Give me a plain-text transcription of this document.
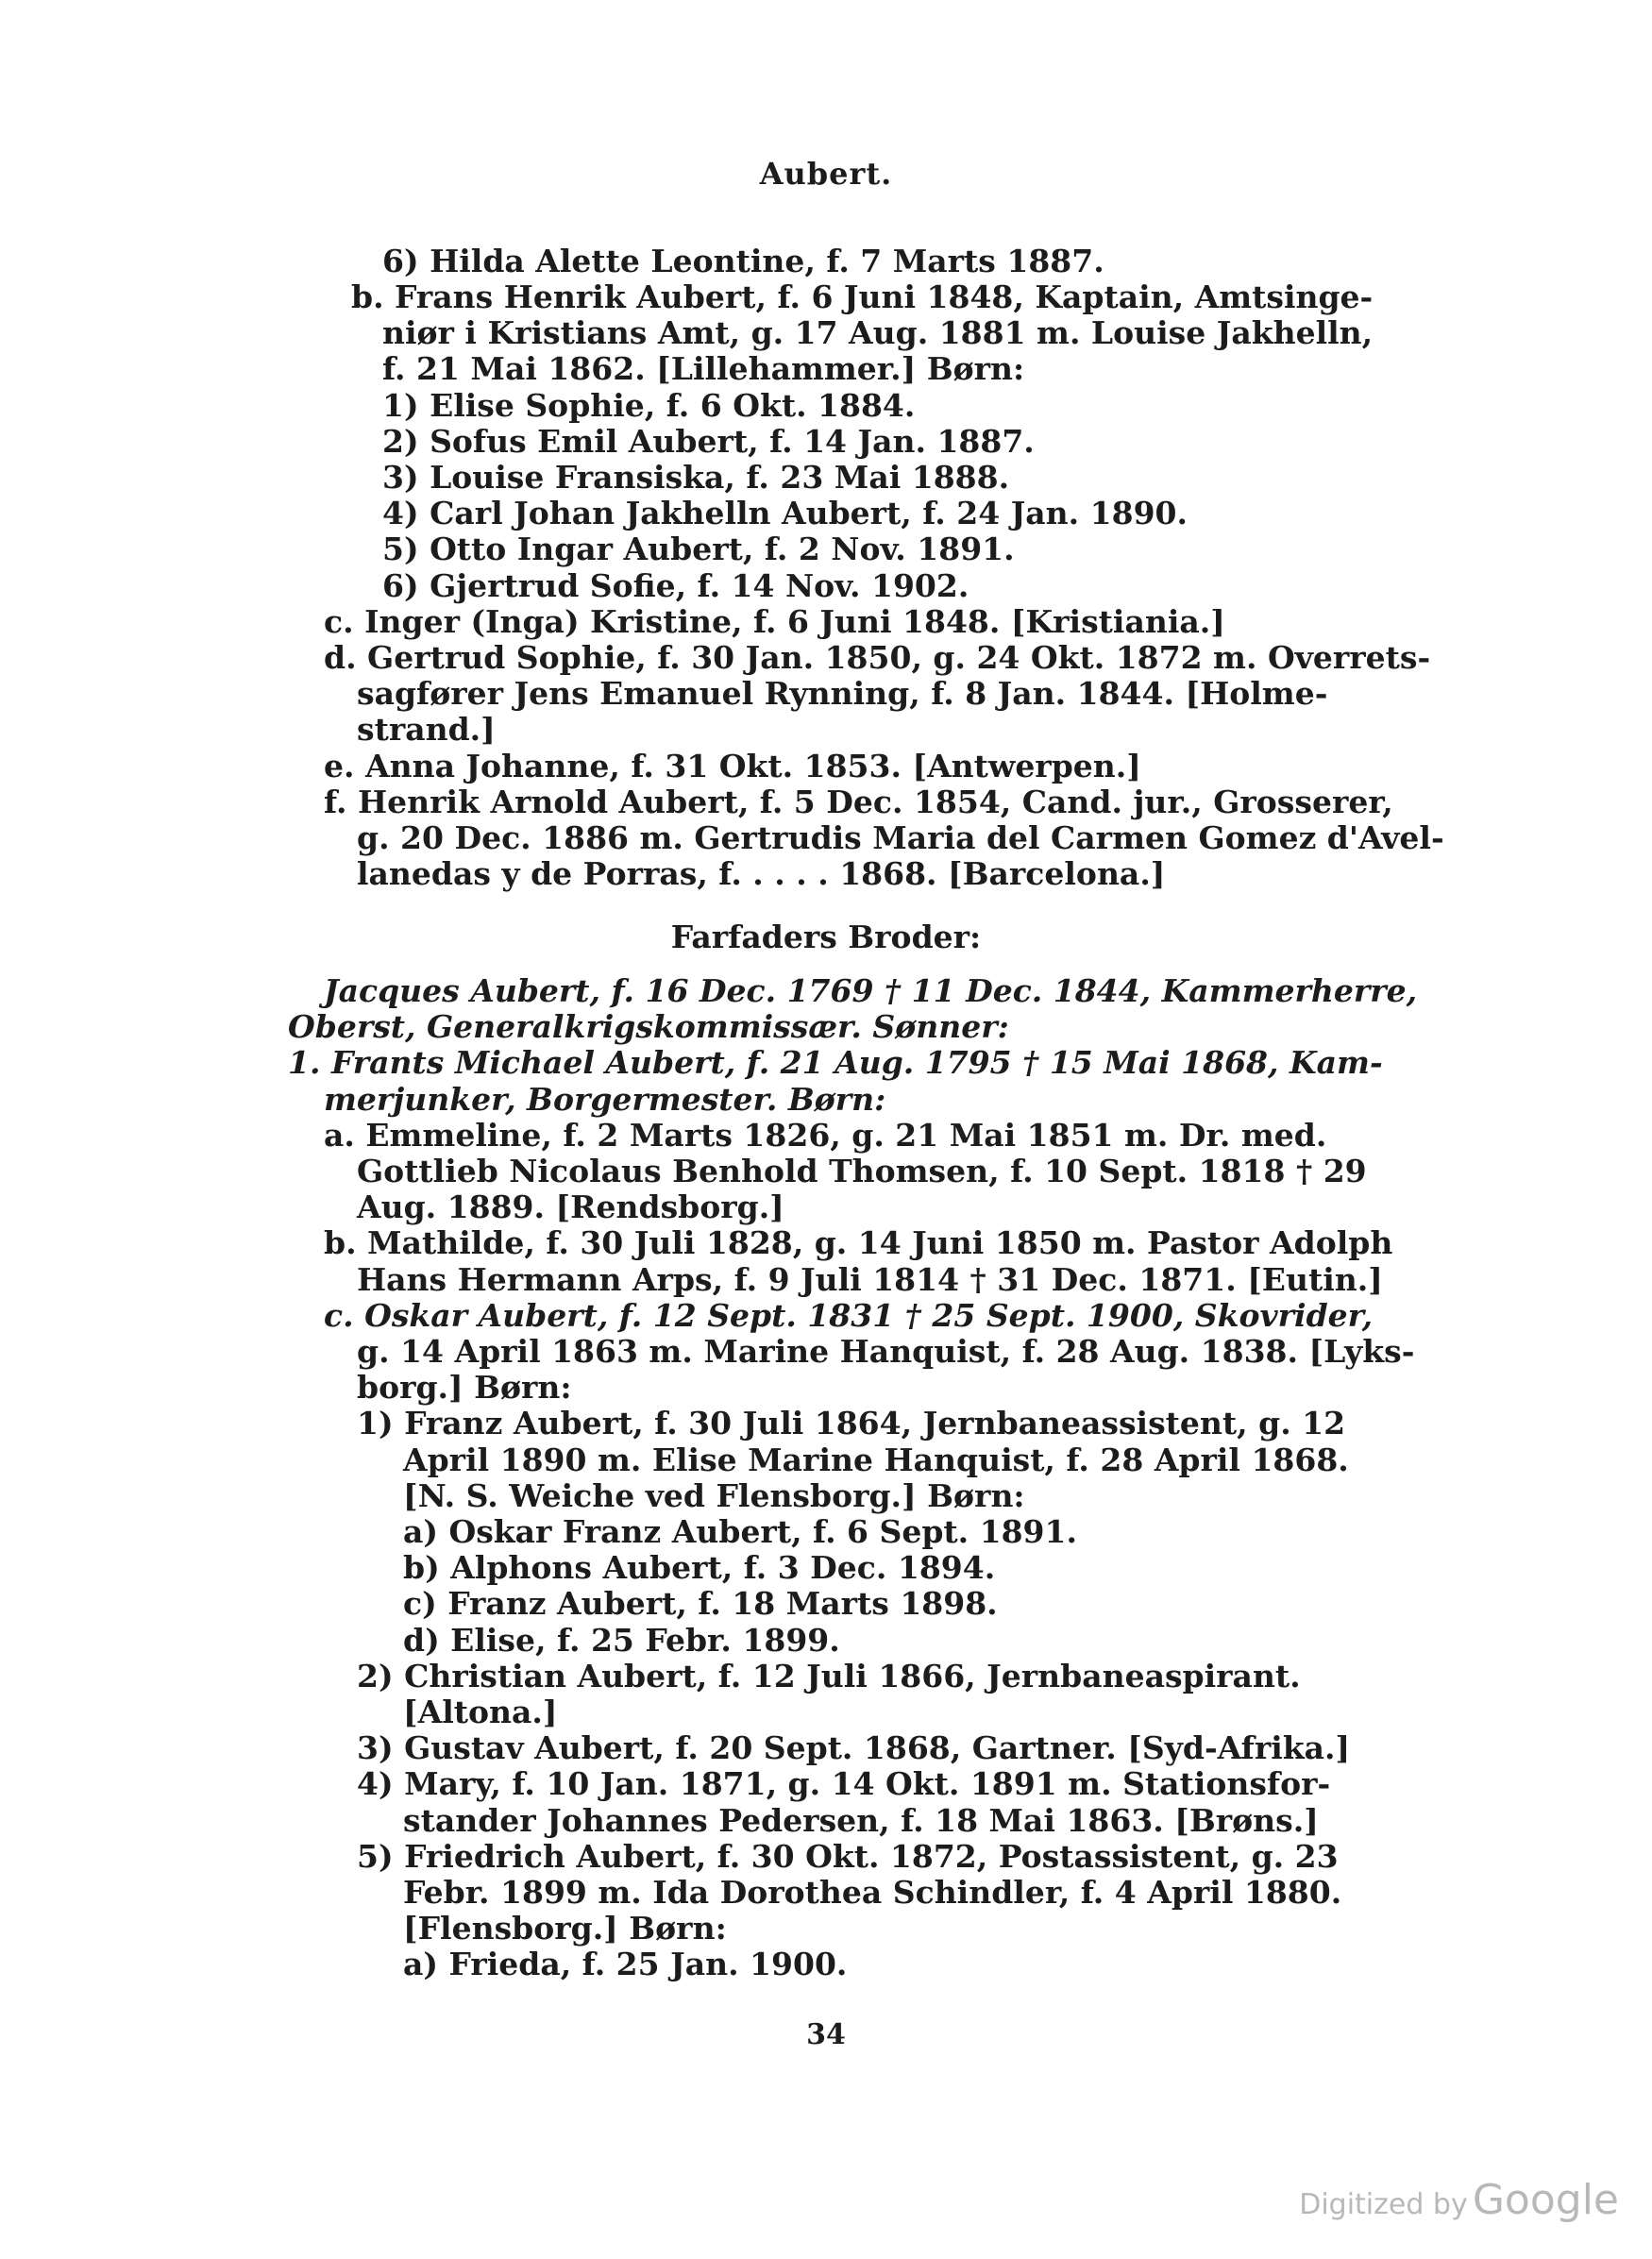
Aubert.
6) Hilda Alette Leontine, f. 7 Marts 1887.
b. Frans Henrik Aubert, f. 6 Juni 1848, Kaptain, Amtsinge-
niør i Kristians Amt, g. 17 Aug. 1881 m. Louise Jakhelln,
f. 21 Mai 1862. [Lillehammer.] Børn:
1) Elise Sophie, f. 6 Okt. 1884.
2) Sofus Emil Aubert, f. 14 Jan. 1887.
3) Louise Fransiska, f. 23 Mai 1888.
4) Carl Johan Jakhelln Aubert, f. 24 Jan. 1890.
5) Otto Ingar Aubert, f. 2 Nov. 1891.
6) Gjertrud Sofie, f. 14 Nov. 1902.
c. Inger (Inga) Kristine, f. 6 Juni 1848. [Kristiania.]
d. Gertrud Sophie, f. 30 Jan. 1850, g. 24 Okt. 1872 m. Overrets-
sagfører Jens Emanuel Rynning, f. 8 Jan. 1844. [Holme-
strand.]
e. Anna Johanne, f. 31 Okt. 1853. [Antwerpen.]
f. Henrik Arnold Aubert, f. 5 Dec. 1854, Cand. jur., Grosserer,
g. 20 Dec. 1886 m. Gertrudis Maria del Carmen Gomez d'Avel-
lanedas y de Porras, f. . . . . 1868. [Barcelona.]
Farfaders Broder:
Jacques Aubert, f. 16 Dec. 1769 † 11 Dec. 1844, Kammerherre,
Oberst, Generalkrigskommissær. Sønner:
1. Frants Michael Aubert, f. 21 Aug. 1795 † 15 Mai 1868, Kam-
merjunker, Borgermester. Børn:
a. Emmeline, f. 2 Marts 1826, g. 21 Mai 1851 m. Dr. med.
Gottlieb Nicolaus Benhold Thomsen, f. 10 Sept. 1818 † 29
Aug. 1889. [Rendsborg.]
b. Mathilde, f. 30 Juli 1828, g. 14 Juni 1850 m. Pastor Adolph
Hans Hermann Arps, f. 9 Juli 1814 † 31 Dec. 1871. [Eutin.]
c. Oskar Aubert, f. 12 Sept. 1831 † 25 Sept. 1900, Skovrider,
g. 14 April 1863 m. Marine Hanquist, f. 28 Aug. 1838. [Lyks-
borg.] Børn:
1) Franz Aubert, f. 30 Juli 1864, Jernbaneassistent, g. 12
April 1890 m. Elise Marine Hanquist, f. 28 April 1868.
[N. S. Weiche ved Flensborg.] Børn:
a) Oskar Franz Aubert, f. 6 Sept. 1891.
b) Alphons Aubert, f. 3 Dec. 1894.
c) Franz Aubert, f. 18 Marts 1898.
d) Elise, f. 25 Febr. 1899.
2) Christian Aubert, f. 12 Juli 1866, Jernbaneaspirant.
[Altona.]
3) Gustav Aubert, f. 20 Sept. 1868, Gartner. [Syd-Afrika.]
4) Mary, f. 10 Jan. 1871, g. 14 Okt. 1891 m. Stationsfor-
stander Johannes Pedersen, f. 18 Mai 1863. [Brøns.]
5) Friedrich Aubert, f. 30 Okt. 1872, Postassistent, g. 23
Febr. 1899 m. Ida Dorothea Schindler, f. 4 April 1880.
[Flensborg.] Børn:
a) Frieda, f. 25 Jan. 1900.
34
Digitized by Google
